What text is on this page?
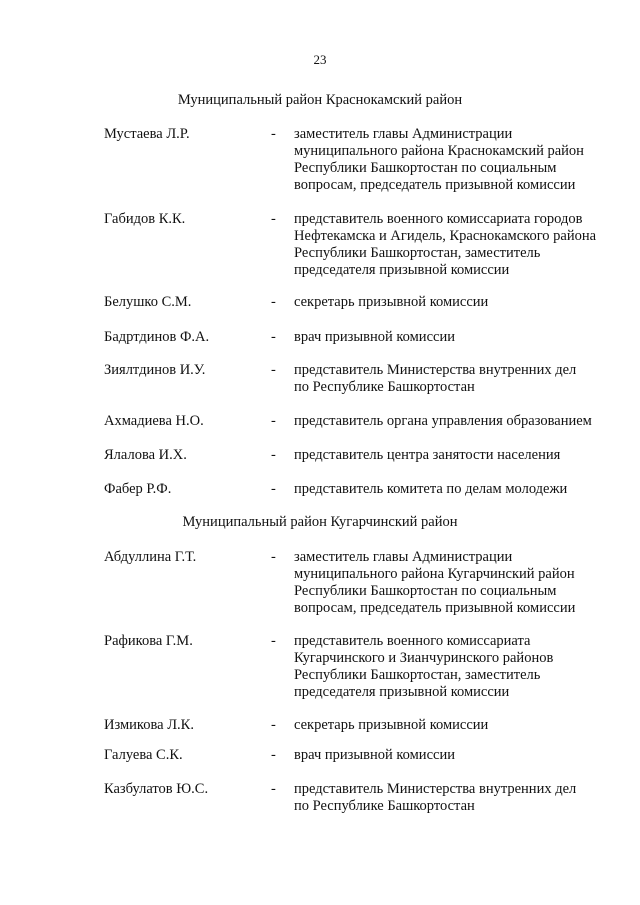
23
Муниципальный район Краснокамский район
Мустаева Л.Р.	- заместитель главы Администрации
муниципального района Краснокамский район
Республики Башкортостан по социальным
вопросам, председатель призывной комиссии
Габидов К.К.	- представитель военного комиссариата городов
Нефтекамска и Агидель, Краснокамского района
Республики Башкортостан, заместитель
председателя призывной комиссии
Белушко С.М.	- секретарь призывной комиссии
Бадртдинов Ф.А.	- врач призывной комиссии
Зиялтдинов И.У.	- представитель Министерства внутренних дел
по Республике Башкортостан
Ахмадиева Н.О.	- представитель органа управления образованием
Ялалова И.Х.	- представитель центра занятости населения
Фабер Р.Ф.	- представитель комитета по делам молодежи
Муниципальный район Кугарчинский район
Абдуллина Г.Т.	- заместитель главы Администрации
муниципального района Кугарчинский район
Республики Башкортостан по социальным
вопросам, председатель призывной комиссии
Рафикова Г.М.	- представитель военного комиссариата
Кугарчинского и Зианчуринского районов
Республики Башкортостан, заместитель
председателя призывной комиссии
Измикова Л.К.	- секретарь призывной комиссии
Галуева С.К.	- врач призывной комиссии
Казбулатов Ю.С.	- представитель Министерства внутренних дел
по Республике Башкортостан
